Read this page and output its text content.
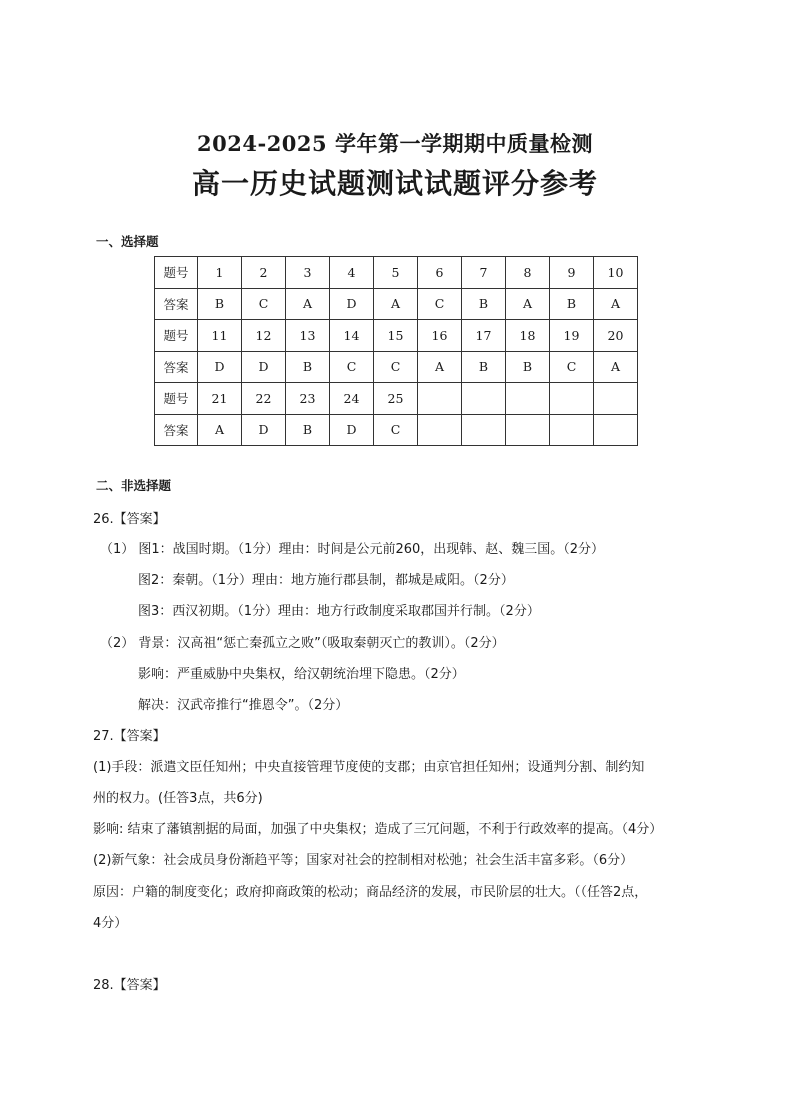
2024-2025 学年第一学期期中质量检测
高一历史试题测试试题评分参考
一、选择题
题号	1	2	3	4	5	6	7	8	9	10
答案	B	C	A	D	A	C	B	A	B	A
题号	11	12	13	14	15	16	17	18	19	20
答案	D	D	B	C	C	A	B	B	C	A
题号	21	22	23	24	25					
答案	A	D	B	D	C					
二、非选择题
26.【答案】
（1） 图1：战国时期。（1分）理由：时间是公元前260，出现韩、赵、魏三国。（2分）
图2：秦朝。（1分）理由：地方施行郡县制，都城是咸阳。（2分）
图3：西汉初期。（1分）理由：地方行政制度采取郡国并行制。（2分）
（2） 背景：汉高祖“惩亡秦孤立之败”（吸取秦朝灭亡的教训）。（2分）
影响：严重威胁中央集权，给汉朝统治埋下隐患。（2分）
解决：汉武帝推行“推恩令”。（2分）
27.【答案】
(1)手段：派遣文臣任知州；中央直接管理节度使的支郡；由京官担任知州；设通判分割、制约知
州的权力。(任答3点，共6分)
影响: 结束了藩镇割据的局面，加强了中央集权；造成了三冗问题，不利于行政效率的提高。（4分）
(2)新气象：社会成员身份渐趋平等；国家对社会的控制相对松弛；社会生活丰富多彩。（6分）
原因：户籍的制度变化；政府抑商政策的松动；商品经济的发展，市民阶层的壮大。（（任答2点，
4分）
28.【答案】
